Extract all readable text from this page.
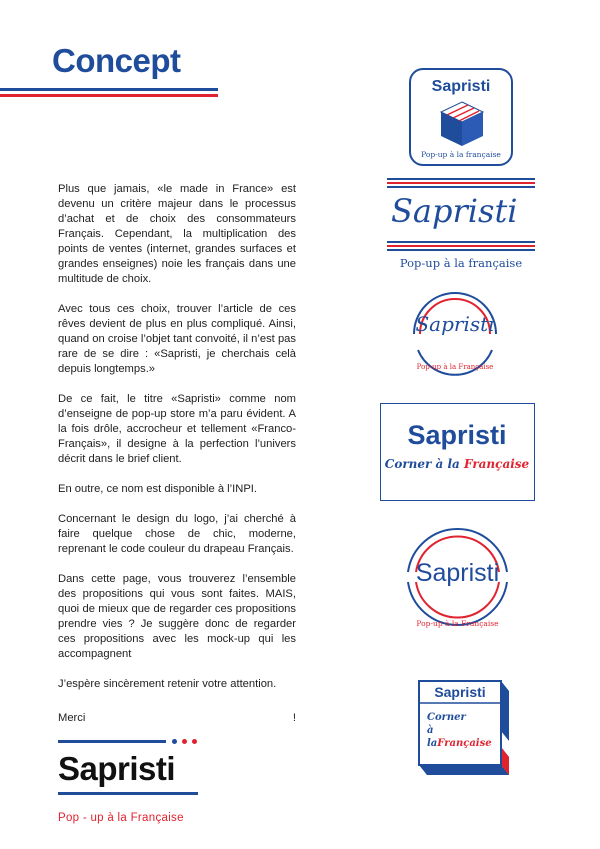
Concept

Plus que jamais, «le made in France» est devenu un critère majeur dans le processus d’achat et de choix des consommateurs Français. Cependant, la multiplication des points de ventes (internet, grandes surfaces et grandes enseignes) noie les français dans une multitude de choix.

Avec tous ces choix, trouver l’article de ces rêves devient de plus en plus compliqué. Ainsi, quand on croise l’objet tant convoité, il n’est pas rare de se dire : «Sapristi, je cherchais celà depuis longtemps.»

De ce fait, le titre «Sapristi» comme nom d’enseigne de pop-up store m’a paru évident. A la fois drôle, accrocheur et tellement «Franco-Français», il designe à la perfection l’univers décrit dans le brief client.

En outre, ce nom est disponible à l’INPI.

Concernant le design du logo, j’ai cherché à faire quelque chose de chic, moderne, reprenant le code couleur du drapeau Français.

Dans cette page, vous trouverez l’ensemble des propositions qui vous sont faites. MAIS, quoi de mieux que de regarder ces propositions prendre vies ? Je suggère donc de regarder ces propositions avec les mock-up qui les accompagnent

J’espère sincèrement retenir votre attention.

Merci	!
Sapristi
Pop - up à la Française
Sapristi
Pop-up à la française
Sapristi
Pop-up à la française
Sapristi
Pop-up à la Française
Sapristi
Corner à la Française
Sapristi
Pop-up à la Française
Sapristi
Corner
à
laFrançaise
